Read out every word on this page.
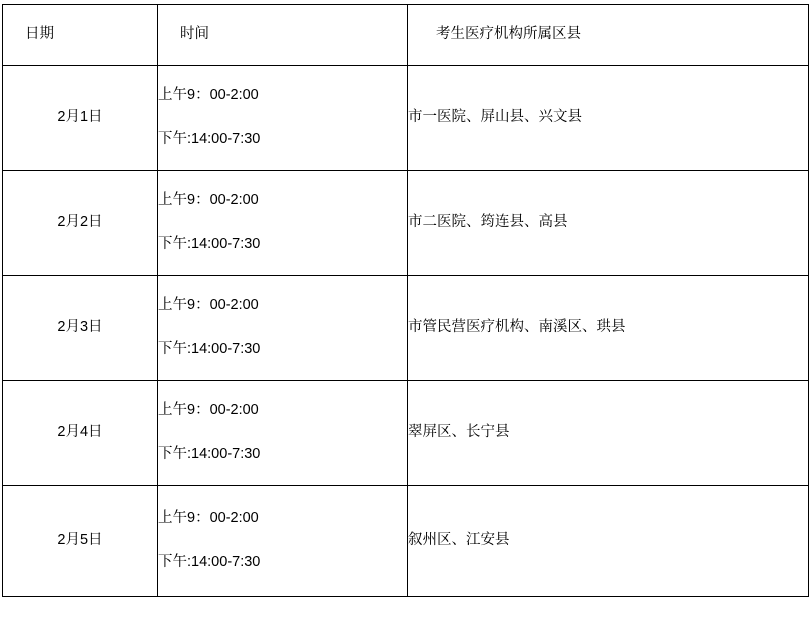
日期	时间	考生医疗机构所属区县

2月1日	上午9：00-2:00
下午:14:00-7:30	市一医院、屏山县、兴文县

2月2日	上午9：00-2:00
下午:14:00-7:30	市二医院、筠连县、高县

2月3日	上午9：00-2:00
下午:14:00-7:30	市管民营医疗机构、南溪区、珙县

2月4日	上午9：00-2:00
下午:14:00-7:30	翠屏区、长宁县

2月5日	上午9：00-2:00
下午:14:00-7:30	叙州区、江安县
